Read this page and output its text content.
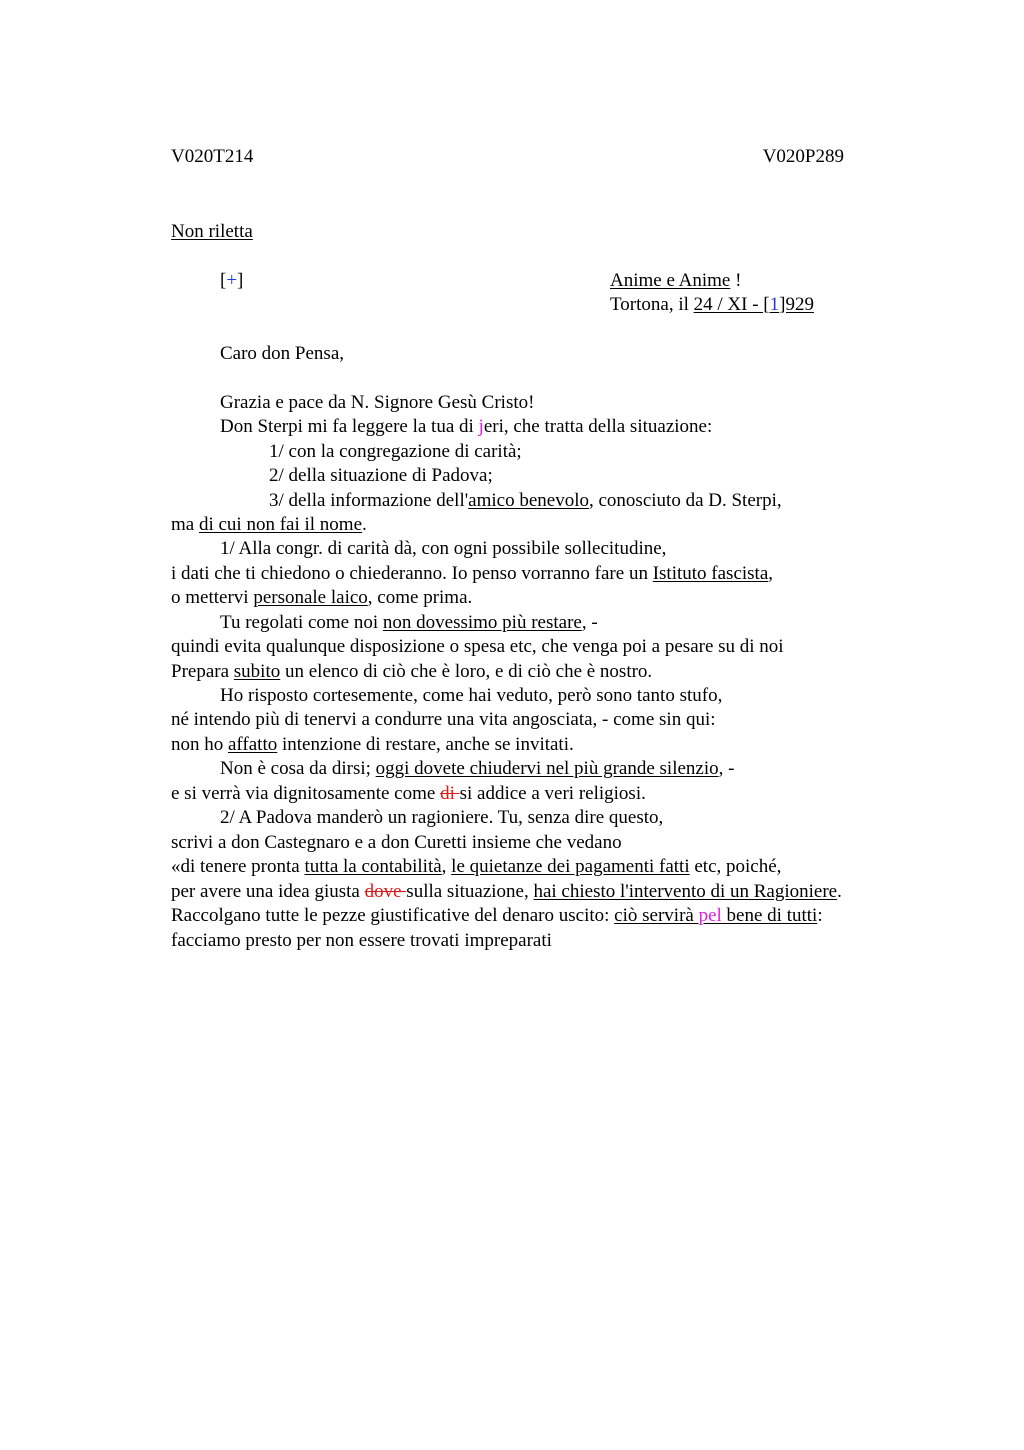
V020T214	V020P289
Non riletta
[+]	Anime e Anime !
Tortona, il 24 / XI - [1]929
Caro don Pensa,
Grazia e pace da N. Signore Gesù Cristo!
Don Sterpi mi fa leggere la tua di jeri, che tratta della situazione:
1/ con la congregazione di carità;
2/ della situazione di Padova;
3/ della informazione dell'amico benevolo, conosciuto da D. Sterpi,
ma di cui non fai il nome.
1/ Alla congr. di carità dà, con ogni possibile sollecitudine,
i dati che ti chiedono o chiederanno. Io penso vorranno fare un Istituto fascista,
o mettervi personale laico, come prima.
Tu regolati come noi non dovessimo più restare, -
quindi evita qualunque disposizione o spesa etc, che venga poi a pesare su di noi
Prepara subito un elenco di ciò che è loro, e di ciò che è nostro.
Ho risposto cortesemente, come hai veduto, però sono tanto stufo,
né intendo più di tenervi a condurre una vita angosciata, - come sin qui:
non ho affatto intenzione di restare, anche se invitati.
Non è cosa da dirsi; oggi dovete chiudervi nel più grande silenzio, -
e si verrà via dignitosamente come di si addice a veri religiosi.
2/ A Padova manderò un ragioniere. Tu, senza dire questo,
scrivi a don Castegnaro e a don Curetti insieme che vedano
«di tenere pronta tutta la contabilità, le quietanze dei pagamenti fatti etc, poiché,
per avere una idea giusta dove sulla situazione, hai chiesto l'intervento di un Ragioniere.
Raccolgano tutte le pezze giustificative del denaro uscito: ciò servirà pel bene di tutti:
facciamo presto per non essere trovati impreparati
